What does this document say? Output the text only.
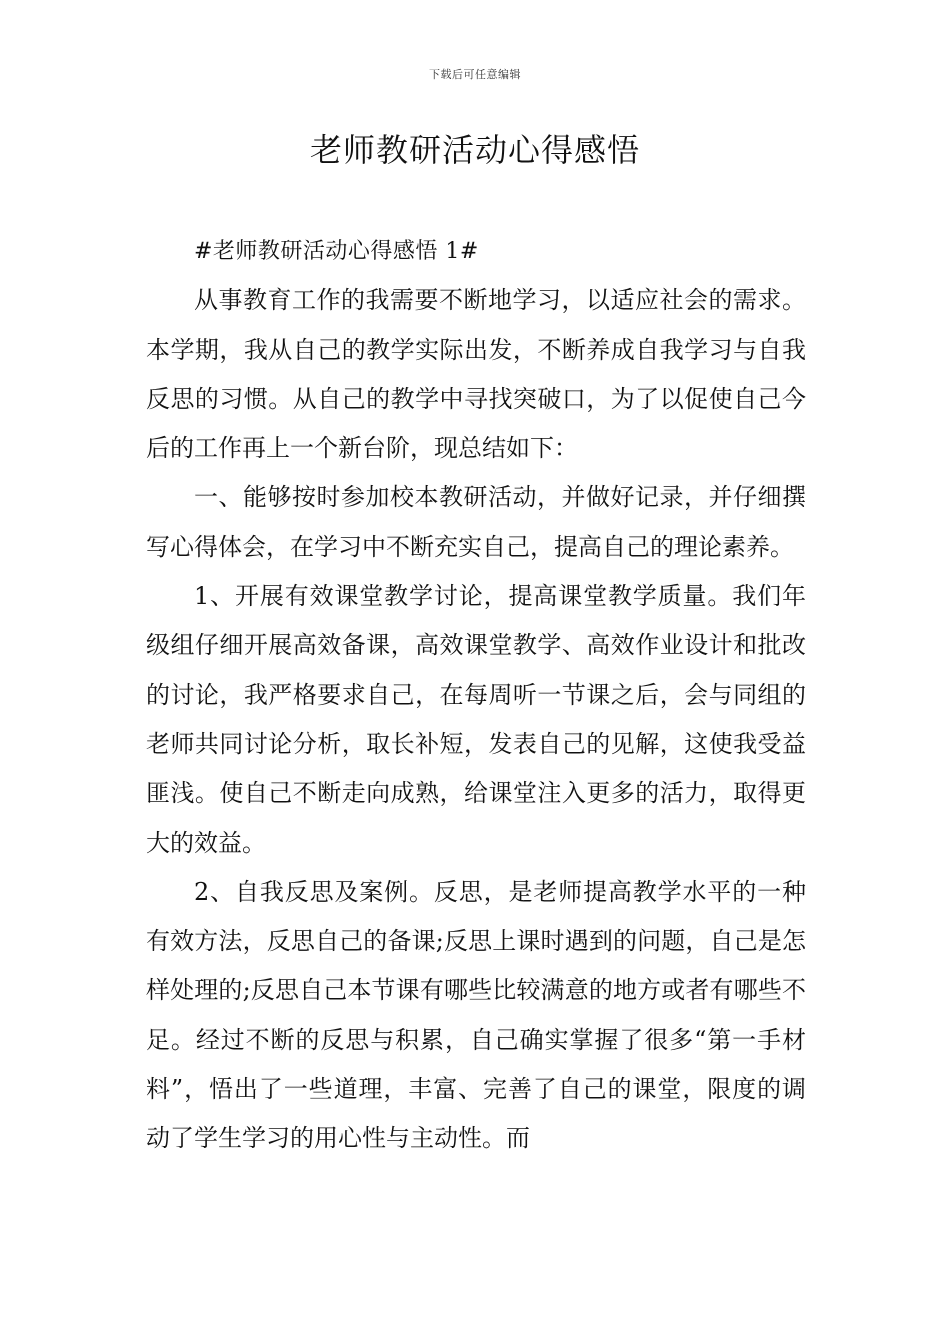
下载后可任意编辑
老师教研活动心得感悟

#老师教研活动心得感悟 1#

从事教育工作的我需要不断地学习，以适应社会的需求。本学期，我从自己的教学实际出发，不断养成自我学习与自我反思的习惯。从自己的教学中寻找突破口，为了以促使自己今后的工作再上一个新台阶，现总结如下：

一、能够按时参加校本教研活动，并做好记录，并仔细撰写心得体会，在学习中不断充实自己，提高自己的理论素养。

1、开展有效课堂教学讨论，提高课堂教学质量。我们年级组仔细开展高效备课，高效课堂教学、高效作业设计和批改的讨论，我严格要求自己，在每周听一节课之后，会与同组的老师共同讨论分析，取长补短，发表自己的见解，这使我受益匪浅。使自己不断走向成熟，给课堂注入更多的活力，取得更大的效益。

2、自我反思及案例。反思，是老师提高教学水平的一种有效方法，反思自己的备课;反思上课时遇到的问题，自己是怎样处理的;反思自己本节课有哪些比较满意的地方或者有哪些不足。经过不断的反思与积累，自己确实掌握了很多“第一手材料”，悟出了一些道理，丰富、完善了自己的课堂，限度的调动了学生学习的用心性与主动性。而
